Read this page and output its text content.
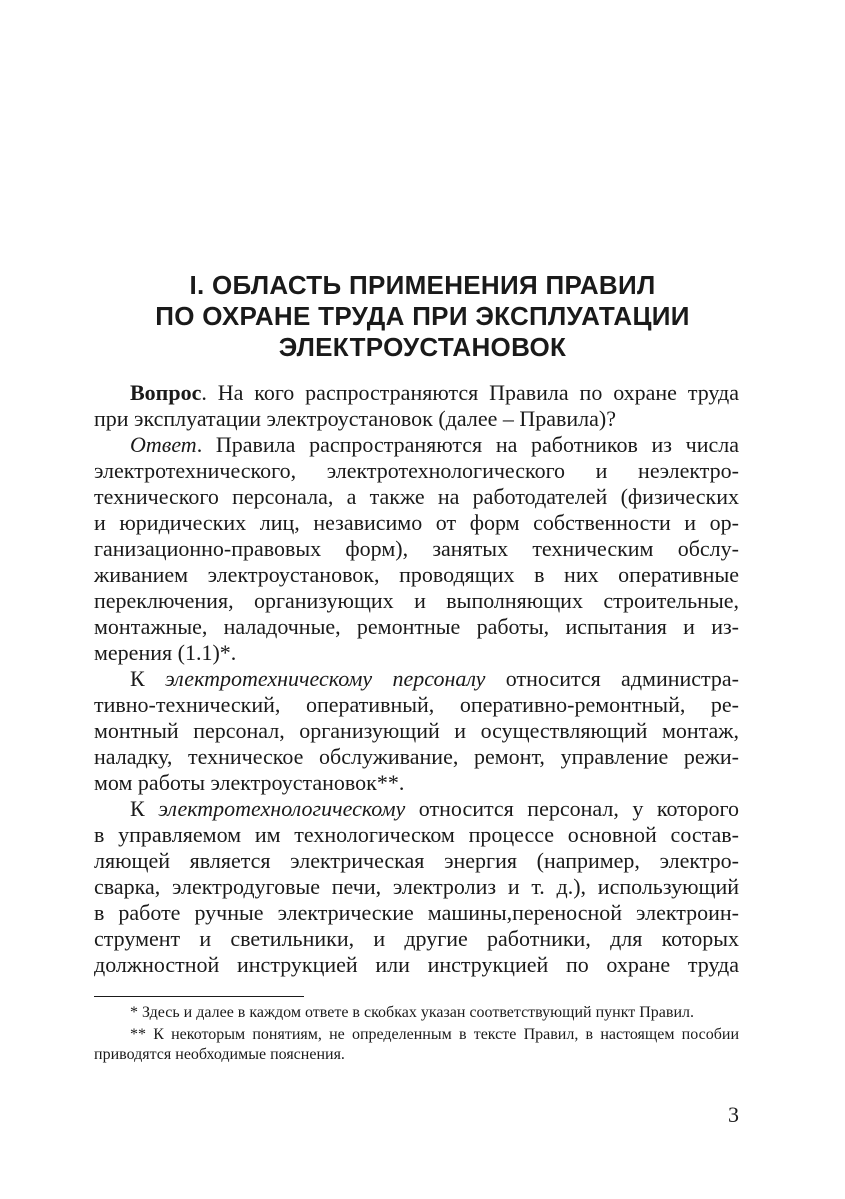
I. ОБЛАСТЬ ПРИМЕНЕНИЯ ПРАВИЛ
ПО ОХРАНЕ ТРУДА ПРИ ЭКСПЛУАТАЦИИ
ЭЛЕКТРОУСТАНОВОК

Вопрос. На кого распространяются Правила по охране труда
при эксплуатации электроустановок (далее – Правила)?

Ответ. Правила распространяются на работников из числа
электротехнического, электротехнологического и неэлектро-
технического персонала, а также на работодателей (физических
и юридических лиц, независимо от форм собственности и ор-
ганизационно-правовых форм), занятых техническим обслу-
живанием электроустановок, проводящих в них оперативные
переключения, организующих и выполняющих строительные,
монтажные, наладочные, ремонтные работы, испытания и из-
мерения (1.1)*.

К электротехническому персоналу относится администра-
тивно-технический, оперативный, оперативно-ремонтный, ре-
монтный персонал, организующий и осуществляющий монтаж,
наладку, техническое обслуживание, ремонт, управление режи-
мом работы электроустановок**.

К электротехнологическому относится персонал, у которого
в управляемом им технологическом процессе основной состав-
ляющей является электрическая энергия (например, электро-
сварка, электродуговые печи, электролиз и т. д.), использующий
в работе ручные электрические машины,переносной электроин-
струмент и светильники, и другие работники, для которых
должностной инструкцией или инструкцией по охране труда

* Здесь и далее в каждом ответе в скобках указан соответствующий пункт Правил.

** К некоторым понятиям, не определенным в тексте Правил, в настоящем пособии приводятся необходимые пояснения.

3
